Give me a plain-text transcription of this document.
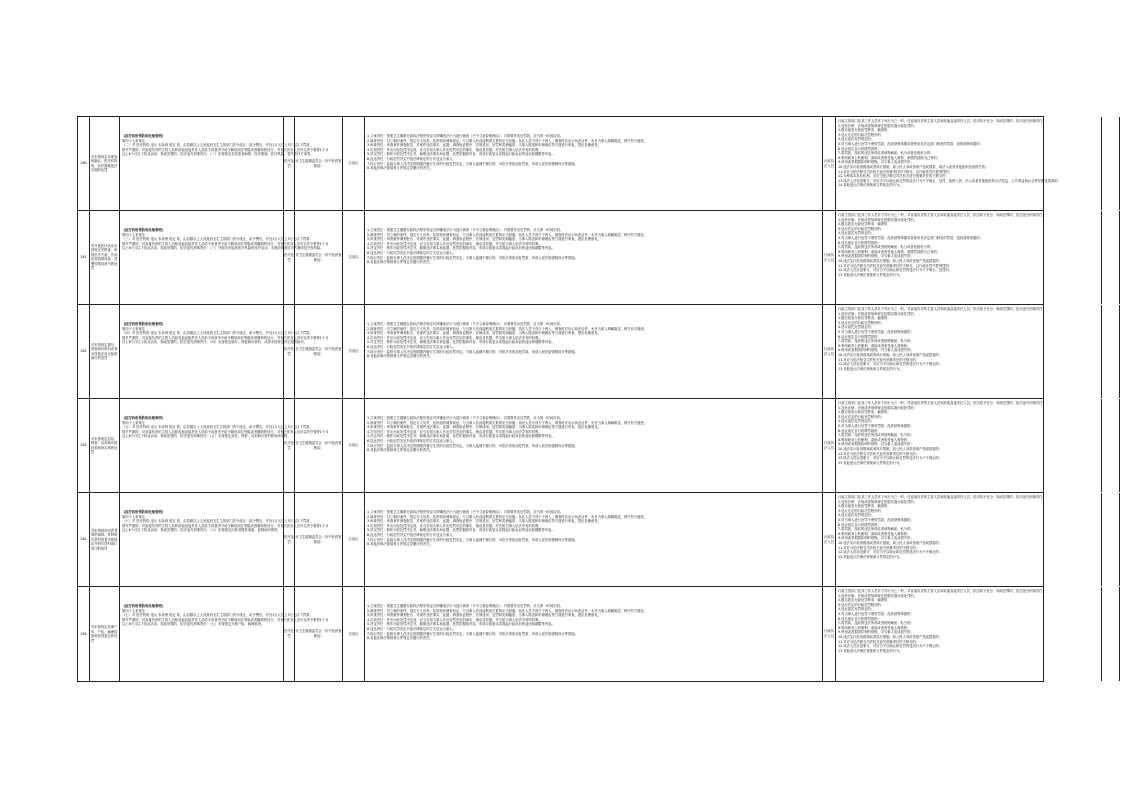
260
对未按规定办理复核确认、医疗机构的、医疗器械违法实施的处罚

《医疗纠纷预防和处理条例》

第四十七条规定
（二）对 医疗机构 违反 本条例 规定 的，由县级以上人民政府卫生主管部门责令改正，给予警告，并处1万元以上5万元以下罚款；
情节严重的，对直接负责的主管人员和其他直接责任人员给予或者责令给予降低岗位等级或者撤职的处分，对有关医务人员可以责令暂停1个月
以上6个月以下执业活动；构成犯罪的，依法追究刑事责任：（二）未按规定告知患者病情、医疗措施、医疗风险、替代医疗方案等。
医疗处罚
市卫生健康委员会（市中医药管理局）
自治区
1.立案责任：按照卫生健康行政执法程序规定对涉嫌违法行为进行调查（不予立案说明理由）；对需要作出处罚的，应当第一时间告知。
2.调查责任：对立案的案件，指定专人负责，及时组织调查取证，与当事人有直接利害关系的应当回避。执法人员不得少于两人，调查时应出示执法证件，允许当事人辩解陈述，保守有关秘密。
3.审查责任：审查案件调查报告，对案件违法事实、证据、调查取证程序、法律适用、处罚种类和幅度、当事人陈述和申辩理由等方面进行审查，提出处理意见。
4.告知责任：作出行政处罚决定前，应当告知当事人作出处罚决定的事实、理由及依据，并告知当事人依法享有的权利。
5.决定责任：制作行政处罚决定书，载明违法事实和证据、处罚依据和内容、申请行政复议或提起行政诉讼的途径和期限等内容。
6.送达责任：行政处罚决定书按法律规定的方式送达当事人。
7.执行责任：监督当事人在决定的期限内履行生效的行政处罚决定。当事人逾期不履行的，可依法采取加处罚款、申请人民法院强制执行等措施。
8.其他法律法规规章文件规定应履行的责任。
行政执法人员
行政主管部门及其工作人员有下列行为之一的，对直接负责的主管人员和其他直接责任人员，依法给予处分；构成犯罪的，依法追究刑事责任：
1.没有法律、法规或者规章规定依据实施行政处罚的；
2.擅自改变行政处罚种类、幅度的；
3.违反法定的行政处罚程序的；
4.违反委托处罚规定的；
5.对当事人进行处罚不使用罚款、没收财物单据或者使用非法定部门制发的罚款、没收财物单据的；
6.违反规定自行收缴罚款的；
7.将罚款、没收的违法所得或者财物截留、私分或者变相私分的；
8.利用职务上的便利，索取或者收受他人财物、收缴罚款据为己有的；
9.使用或者损毁扣押的财物，对当事人造成损失的；
10.违法实行检查措施或者执行措施，给公民人身或者财产造成损害、给法人或者其他组织造成损失的；
11.对应当依法移交司法机关追究刑事责任的不移交，以行政处罚代替刑罚的；
12.为牟取本单位私利，对应当依法移交司法机关追究刑事责任的不移交的；
13.执法人员玩忽职守，对应当予以制止和处罚的违法行为不予制止、处罚，致使公民、法人或者其他组织的合法权益、公共利益和社会秩序遭受损害的；
14.其他违反法律法规规章文件规定的行为。
261
对开展医疗活动未按规定安排查、审核医疗方案、告知患者知情同意、签署知情同意书的处罚

《医疗纠纷预防和处理条例》

第四十七条规定
（三）对 医疗机构 违反 本条例 规定 的，由县级以上人民政府卫生主管部门责令改正，给予警告，并处1万元以上5万元以下罚款；
情节严重的，对直接负责的主管人员和其他直接责任人员给予或者责令给予降低岗位等级或者撤职的处分，对有关医务人员可以责令暂停1个月
以上6个月以下执业活动；构成犯罪的，依法追究刑事责任：（三）开展具有较高医疗风险的诊疗活动，未提前预备应对方案防范突发风险。
医疗处罚
市卫生健康委员会（市中医药管理局）
自治区
1.立案责任：按照卫生健康行政执法程序规定对涉嫌违法行为进行调查（不予立案说明理由）；对需要作出处罚的，应当第一时间告知。
2.调查责任：对立案的案件，指定专人负责，及时组织调查取证，与当事人有直接利害关系的应当回避。执法人员不得少于两人，调查时应出示执法证件，允许当事人辩解陈述，保守有关秘密。
3.审查责任：审查案件调查报告，对案件违法事实、证据、调查取证程序、法律适用、处罚种类和幅度、当事人陈述和申辩理由等方面进行审查，提出处理意见。
4.告知责任：作出行政处罚决定前，应当告知当事人作出处罚决定的事实、理由及依据，并告知当事人依法享有的权利。
5.决定责任：制作行政处罚决定书，载明违法事实和证据、处罚依据和内容、申请行政复议或提起行政诉讼的途径和期限等内容。
6.送达责任：行政处罚决定书按法律规定的方式送达当事人。
7.执行责任：监督当事人在决定的期限内履行生效的行政处罚决定。当事人逾期不履行的，可依法采取加处罚款、申请人民法院强制执行等措施。
8.其他法律法规规章文件规定应履行的责任。
行政执法人员
行政主管部门及其工作人员有下列行为之一的，对直接负责的主管人员和其他直接责任人员，依法给予处分；构成犯罪的，依法追究刑事责任：
1.没有法律、法规或者规章规定依据实施行政处罚的；
2.擅自改变行政处罚种类、幅度的；
3.违反法定的行政处罚程序的；
4.违反委托处罚规定的；
5.对当事人进行处罚不使用罚款、没收财物单据或者使用非法定部门制发的罚款、没收财物单据的；
6.违反规定自行收缴罚款的；
7.将罚款、没收的违法所得或者财物截留、私分或者变相私分的；
8.利用职务上的便利，索取或者收受他人财物、收缴罚款据为己有的；
9.使用或者损毁扣押的财物，对当事人造成损失的；
10.违法实行检查措施或者执行措施，给公民人身或者财产造成损害的；
11.对应当依法移交司法机关追究刑事责任的不移交，以行政处罚代替刑罚的；
12.执法人员玩忽职守，对应当予以制止和处罚的违法行为不予制止、处罚的；
13.其他违反法律法规规章文件规定的行为。
262
对未按规定填写、保管病历资料或者未按规定补记抢救病历的处罚

《医疗纠纷预防和处理条例》

第四十七条规定
（四）对 医疗机构 违反 本条例 规定 的，由县级以上人民政府卫生主管部门责令改正，给予警告，并处1万元以上5万元以下罚款；
情节严重的，对直接负责的主管人员和其他直接责任人员给予或者责令给予降低岗位等级或者撤职的处分，对有关医务人员可以责令暂停1个月
以上6个月以下执业活动；构成犯罪的，依法追究刑事责任：（四）未按规定填写、保管病历资料，或者未按规定补记抢救病历。
医疗处罚
市卫生健康委员会（市中医药管理局）
自治区
1.立案责任：按照卫生健康行政执法程序规定对涉嫌违法行为进行调查（不予立案说明理由）；对需要作出处罚的，应当第一时间告知。
2.调查责任：对立案的案件，指定专人负责，及时组织调查取证，与当事人有直接利害关系的应当回避。执法人员不得少于两人，调查时应出示执法证件，允许当事人辩解陈述，保守有关秘密。
3.审查责任：审查案件调查报告，对案件违法事实、证据、调查取证程序、法律适用、处罚种类和幅度、当事人陈述和申辩理由等方面进行审查，提出处理意见。
4.告知责任：作出行政处罚决定前，应当告知当事人作出处罚决定的事实、理由及依据，并告知当事人依法享有的权利。
5.决定责任：制作行政处罚决定书，载明违法事实和证据、处罚依据和内容、申请行政复议或提起行政诉讼的途径和期限等内容。
6.送达责任：行政处罚决定书按法律规定的方式送达当事人。
7.执行责任：监督当事人在决定的期限内履行生效的行政处罚决定。当事人逾期不履行的，可依法采取加处罚款、申请人民法院强制执行等措施。
8.其他法律法规规章文件规定应履行的责任。
行政执法人员
行政主管部门及其工作人员有下列行为之一的，对直接负责的主管人员和其他直接责任人员，依法给予处分；构成犯罪的，依法追究刑事责任：
1.没有法律、法规或者规章规定依据实施行政处罚的；
2.擅自改变行政处罚种类、幅度的；
3.违反法定的行政处罚程序的；
4.违反委托处罚规定的；
5.对当事人进行处罚不使用罚款、没收财物单据的；
6.违反规定自行收缴罚款的；
7.将罚款、没收的违法所得或者财物截留、私分的；
8.利用职务上的便利，索取或者收受他人财物的；
9.使用或者损毁扣押的财物，对当事人造成损失的；
10.违法实行检查措施或者执行措施，给公民人身或者财产造成损害的；
11.对应当依法移交司法机关追究刑事责任的不移交的；
12.执法人员玩忽职守，对应当予以制止和处罚的违法行为不予制止的；
13.其他违反法律法规规章文件规定的行为。
263
对未按规定封存、保管、启封病历资料和现场实物的处罚

《医疗纠纷预防和处理条例》

第四十七条规定
（五）对 医疗机构 违反 本条例 规定 的，由县级以上人民政府卫生主管部门责令改正，给予警告，并处1万元以上5万元以下罚款；
情节严重的，对直接负责的主管人员和其他直接责任人员给予或者责令给予降低岗位等级或者撤职的处分，对有关医务人员可以责令暂停1个月
以上6个月以下执业活动；构成犯罪的，依法追究刑事责任：（五）未按规定封存、保管、启封病历资料和现场实物。
医疗处罚
市卫生健康委员会（市中医药管理局）
自治区
1.立案责任：按照卫生健康行政执法程序规定对涉嫌违法行为进行调查（不予立案说明理由）；对需要作出处罚的，应当第一时间告知。
2.调查责任：对立案的案件，指定专人负责，及时组织调查取证，与当事人有直接利害关系的应当回避。执法人员不得少于两人，调查时应出示执法证件，允许当事人辩解陈述，保守有关秘密。
3.审查责任：审查案件调查报告，对案件违法事实、证据、调查取证程序、法律适用、处罚种类和幅度、当事人陈述和申辩理由等方面进行审查，提出处理意见。
4.告知责任：作出行政处罚决定前，应当告知当事人作出处罚决定的事实、理由及依据，并告知当事人依法享有的权利。
5.决定责任：制作行政处罚决定书，载明违法事实和证据、处罚依据和内容、申请行政复议或提起行政诉讼的途径和期限等内容。
6.送达责任：行政处罚决定书按法律规定的方式送达当事人。
7.执行责任：监督当事人在决定的期限内履行生效的行政处罚决定。当事人逾期不履行的，可依法采取加处罚款、申请人民法院强制执行等措施。
8.其他法律法规规章文件规定应履行的责任。
行政执法人员
行政主管部门及其工作人员有下列行为之一的，对直接负责的主管人员和其他直接责任人员，依法给予处分；构成犯罪的，依法追究刑事责任：
1.没有法律、法规或者规章规定依据实施行政处罚的；
2.擅自改变行政处罚种类、幅度的；
3.违反法定的行政处罚程序的；
4.违反委托处罚规定的；
5.对当事人进行处罚不使用罚款、没收财物单据的；
6.违反规定自行收缴罚款的；
7.将罚款、没收的违法所得或者财物截留、私分的；
8.利用职务上的便利，索取或者收受他人财物的；
9.使用或者损毁扣押的财物，对当事人造成损失的；
10.违法实行检查措施或者执行措施，给公民人身或者财产造成损害的；
11.对应当依法移交司法机关追究刑事责任的不移交的；
12.执法人员玩忽职守，对应当予以制止和处罚的违法行为不予制止的；
13.其他违反法律法规规章文件规定的行为。
264
对未按规定向患者提供查阅、复制病历资料或者未按规定对病历资料进行复印的处罚

《医疗纠纷预防和处理条例》

第四十七条规定
（六）对 医疗机构 违反 本条例 规定 的，由县级以上人民政府卫生主管部门责令改正，给予警告，并处1万元以上5万元以下罚款；
情节严重的，对直接负责的主管人员和其他直接责任人员给予或者责令给予降低岗位等级或者撤职的处分，对有关医务人员可以责令暂停1个月
以上6个月以下执业活动；构成犯罪的，依法追究刑事责任：（六）未按规定向患者提供查阅、复制病历资料。
医疗处罚
市卫生健康委员会（市中医药管理局）
自治区
1.立案责任：按照卫生健康行政执法程序规定对涉嫌违法行为进行调查（不予立案说明理由）；对需要作出处罚的，应当第一时间告知。
2.调查责任：对立案的案件，指定专人负责，及时组织调查取证，与当事人有直接利害关系的应当回避。执法人员不得少于两人，调查时应出示执法证件，允许当事人辩解陈述，保守有关秘密。
3.审查责任：审查案件调查报告，对案件违法事实、证据、调查取证程序、法律适用、处罚种类和幅度、当事人陈述和申辩理由等方面进行审查，提出处理意见。
4.告知责任：作出行政处罚决定前，应当告知当事人作出处罚决定的事实、理由及依据，并告知当事人依法享有的权利。
5.决定责任：制作行政处罚决定书，载明违法事实和证据、处罚依据和内容、申请行政复议或提起行政诉讼的途径和期限等内容。
6.送达责任：行政处罚决定书按法律规定的方式送达当事人。
7.执行责任：监督当事人在决定的期限内履行生效的行政处罚决定。当事人逾期不履行的，可依法采取加处罚款、申请人民法院强制执行等措施。
8.其他法律法规规章文件规定应履行的责任。
行政执法人员
行政主管部门及其工作人员有下列行为之一的，对直接负责的主管人员和其他直接责任人员，依法给予处分；构成犯罪的，依法追究刑事责任：
1.没有法律、法规或者规章规定依据实施行政处罚的；
2.擅自改变行政处罚种类、幅度的；
3.违反法定的行政处罚程序的；
4.违反委托处罚规定的；
5.对当事人进行处罚不使用罚款、没收财物单据的；
6.违反规定自行收缴罚款的；
7.将罚款、没收的违法所得或者财物截留、私分的；
8.利用职务上的便利，索取或者收受他人财物的；
9.使用或者损毁扣押的财物，对当事人造成损失的；
10.违法实行检查措施或者执行措施，给公民人身或者财产造成损害的；
11.对应当依法移交司法机关追究刑事责任的不移交的；
12.执法人员玩忽职守，对应当予以制止和处罚的违法行为不予制止的；
13.其他违反法律法规规章文件规定的行为。
265
对未按规定处理尸体、尸检、病理检查和死因鉴定的处罚

《医疗纠纷预防和处理条例》

第四十七条规定
（七）对 医疗机构 违反 本条例 规定 的，由县级以上人民政府卫生主管部门责令改正，给予警告，并处1万元以上5万元以下罚款；
情节严重的，对直接负责的主管人员和其他直接责任人员给予或者责令给予降低岗位等级或者撤职的处分，对有关医务人员可以责令暂停1个月
以上6个月以下执业活动；构成犯罪的，依法追究刑事责任：（七）未按规定开展尸检、病理检查。
医疗处罚
市卫生健康委员会（市中医药管理局）
自治区
1.立案责任：按照卫生健康行政执法程序规定对涉嫌违法行为进行调查（不予立案说明理由）；对需要作出处罚的，应当第一时间告知。
2.调查责任：对立案的案件，指定专人负责，及时组织调查取证，与当事人有直接利害关系的应当回避。执法人员不得少于两人，调查时应出示执法证件，允许当事人辩解陈述，保守有关秘密。
3.审查责任：审查案件调查报告，对案件违法事实、证据、调查取证程序、法律适用、处罚种类和幅度、当事人陈述和申辩理由等方面进行审查，提出处理意见。
4.告知责任：作出行政处罚决定前，应当告知当事人作出处罚决定的事实、理由及依据，并告知当事人依法享有的权利。
5.决定责任：制作行政处罚决定书，载明违法事实和证据、处罚依据和内容、申请行政复议或提起行政诉讼的途径和期限等内容。
6.送达责任：行政处罚决定书按法律规定的方式送达当事人。
7.执行责任：监督当事人在决定的期限内履行生效的行政处罚决定。当事人逾期不履行的，可依法采取加处罚款、申请人民法院强制执行等措施。
8.其他法律法规规章文件规定应履行的责任。
行政执法人员
行政主管部门及其工作人员有下列行为之一的，对直接负责的主管人员和其他直接责任人员，依法给予处分；构成犯罪的，依法追究刑事责任：
1.没有法律、法规或者规章规定依据实施行政处罚的；
2.擅自改变行政处罚种类、幅度的；
3.违反法定的行政处罚程序的；
4.违反委托处罚规定的；
5.对当事人进行处罚不使用罚款、没收财物单据的；
6.违反规定自行收缴罚款的；
7.将罚款、没收的违法所得或者财物截留、私分的；
8.利用职务上的便利，索取或者收受他人财物的；
9.使用或者损毁扣押的财物，对当事人造成损失的；
10.违法实行检查措施或者执行措施，给公民人身或者财产造成损害的；
11.对应当依法移交司法机关追究刑事责任的不移交的；
12.执法人员玩忽职守，对应当予以制止和处罚的违法行为不予制止的；
13.其他违反法律法规规章文件规定的行为。
